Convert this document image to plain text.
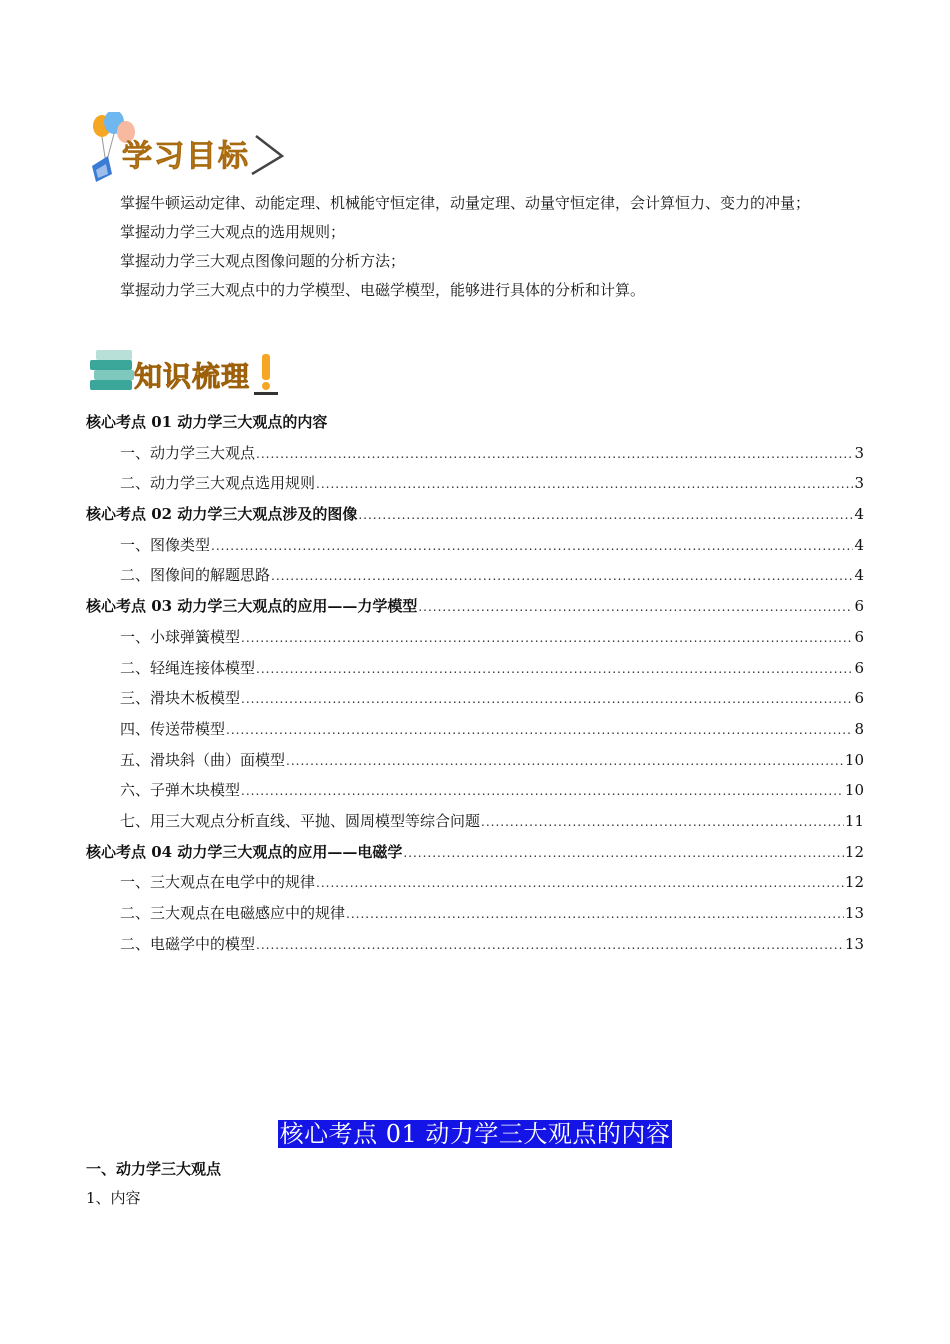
学习目标
掌握牛顿运动定律、动能定理、机械能守恒定律，动量定理、动量守恒定律，会计算恒力、变力的冲量；
掌握动力学三大观点的选用规则；
掌握动力学三大观点图像问题的分析方法；
掌握动力学三大观点中的力学模型、电磁学模型，能够进行具体的分析和计算。
知识梳理
核心考点 01 动力学三大观点的内容
一、动力学三大观点 .....	3
二、动力学三大观点选用规则 .....	3
核心考点 02 动力学三大观点涉及的图像 .....	4
一、图像类型 .....	4
二、图像间的解题思路 .....	4
核心考点 03 动力学三大观点的应用——力学模型 .....	6
一、小球弹簧模型 .....	6
二、轻绳连接体模型 .....	6
三、滑块木板模型 .....	6
四、传送带模型 .....	8
五、滑块斜（曲）面模型 .....	10
六、子弹木块模型 .....	10
七、用三大观点分析直线、平抛、圆周模型等综合问题 .....	11
核心考点 04 动力学三大观点的应用——电磁学 .....	12
一、三大观点在电学中的规律 .....	12
二、三大观点在电磁感应中的规律 .....	13
二、电磁学中的模型 .....	13
核心考点 01 动力学三大观点的内容
一、动力学三大观点
1、内容
